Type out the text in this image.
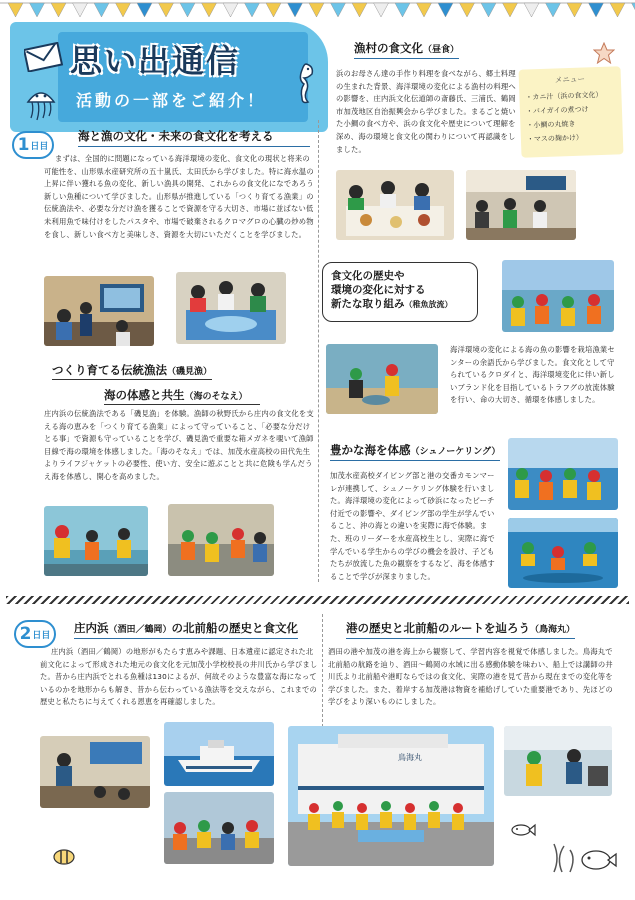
思い出通信
活動の一部をご紹介！
1 日目
海と漁の文化・未来の食文化を考える
まずは、全国的に問題になっている海洋環境の変化、食文化の現状と将来の可能性を、山形県水産研究所の五十嵐氏、太田氏から学びました。特に海水温の上昇に伴い獲れる魚の変化、新しい漁具の開発、これからの食文化になであろう新しい魚種について学びました。山形県が推進している「つくり育てる漁業」の伝統漁法や、必要な分だけ漁を獲ることで資源を守る大切さ、市場に並ばない低未利用魚で味付けをしたパスタや、市場で破棄されるクロマグロの心臓の炒め物を食し、新しい食べ方と美味しさ、資源を大切にいただくことを学びました。
つくり育てる伝統漁法（磯見漁）
海の体感と共生（海のそなえ）
庄内浜の伝統漁法である「磯見漁」を体験。漁師の秋野氏から庄内の食文化を支える海の恵みを「つくり育てる漁業」によって守っていること、「必要な分だけとる事」で資源も守っていることを学び、磯見漁で重要な箱メガネを覗いて漁師目線で海の環境を体感しました。「海のそなえ」では、加茂水産高校の田代先生よりライフジャケットの必要性、使い方、安全に遊ぶことと共に危険も学んだうえ海を体感し、開心を高めました。
漁村の食文化（昼食）
浜のお母さん達の手作り料理を食べながら、郷土料理の生まれた背景、海洋環境の変化による漁村の料理への影響を、庄内浜文化伝道師の斎藤氏、三浦氏、鶴岡市加茂地区自治振興会から学びました。まるごと焼いた小鯛の食べ方や、浜の食文化や歴史について理解を深め、海の環境と食文化の関わりについて再認識をしました。
メニュー
・カニ汁（浜の食文化）
・バイガイの煮つけ
・小鯛の丸焼き
・マスの麹かけ）
食文化の歴史や
環境の変化に対する
新たな取り組み（稚魚放流）
海洋環境の変化による海の魚の影響を栽培漁業センターの余語氏から学びました。食文化として守られているクロダイと、海洋環境変化に伴い新しいブランド化を目指しているトラフグの放流体験を行い、命の大切さ、循環を体感しました。
豊かな海を体感（シュノーケリング）
加茂水産高校ダイビング部と港の交番カモンマーレが連携して、シュノーケリング体験を行いました。海洋環境の変化によって砂浜になったビーチ付近での影響や、ダイビング部の学生が学んでいること、沖の海との違いを実際に海で体験。また、班のリーダーを水産高校生とし、実際に海で学んでいる学生からの学びの機会を設け、子どもたちが放流した魚の観察をするなど、海を体感することで学びが深まりました。
2 日目
庄内浜（酒田／鶴岡）の北前船の歴史と食文化
庄内浜（酒田／鶴岡）の地形がもたらす恵みや課題、日本遺産に認定された北前文化によって形成された地元の食文化を元加茂小学校校長の井川氏から学びました。昔から庄内浜でとれる魚種は130によるが、何故そのような豊富な海になっているのかを地形からも解き、昔から伝わっている漁法等を交えながら、これまでの歴史と私たちに与えてくれる恩恵を再確認しました。
港の歴史と北前船のルートを辿ろう（鳥海丸）
酒田の港や加茂の港を海上から観察して、学習内容を視覚で体感しました。鳥海丸で北前船の航路を辿り、酒田〜鶴岡の水域に出る感動体験を味わい、船上では講師の井川氏より北前船や港町ならではの食文化、実際の港を見て昔から現在までの変化等を学びました。また、着岸する加茂港は物資を補給げしていた重要港であり、先ほどの学びをより深いものにしました。
鳥海丸
